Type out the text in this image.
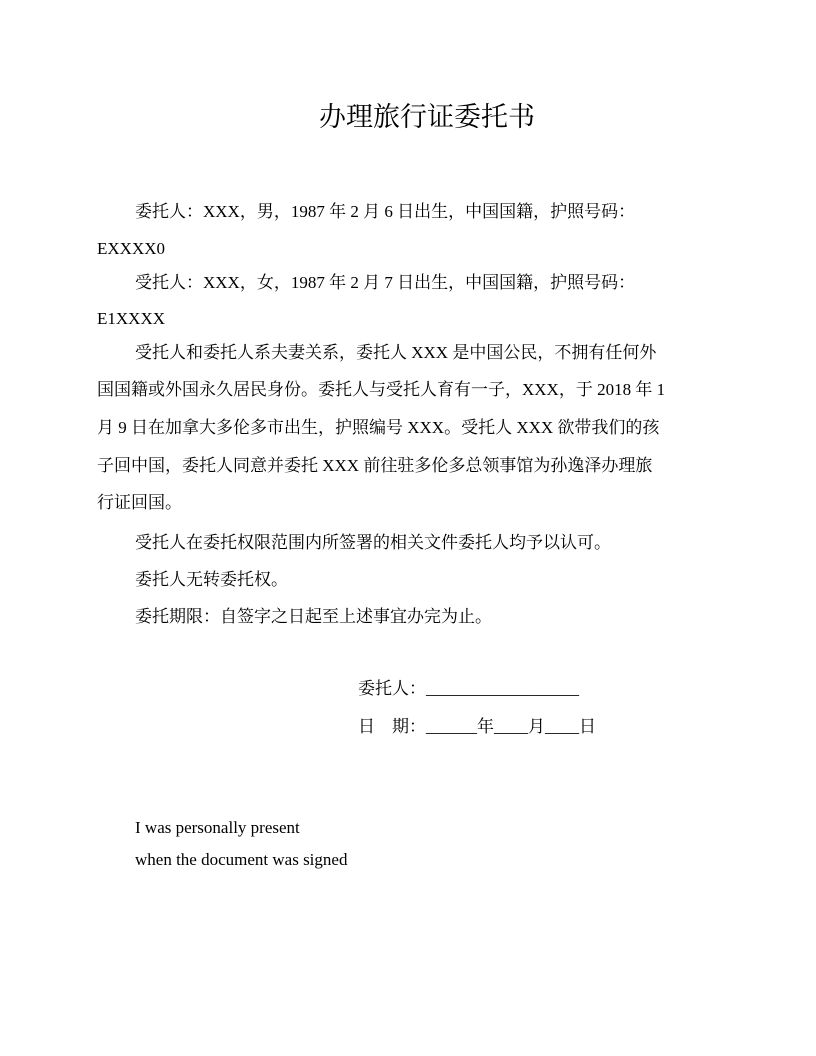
办理旅行证委托书
委托人：XXX，男，1987 年 2 月 6 日出生，中国国籍，护照号码：
EXXXX0
受托人：XXX，女，1987 年 2 月 7 日出生，中国国籍，护照号码：
E1XXXX
受托人和委托人系夫妻关系，委托人 XXX 是中国公民，不拥有任何外
国国籍或外国永久居民身份。委托人与受托人育有一子，XXX，于 2018 年 1
月 9 日在加拿大多伦多市出生，护照编号 XXX。受托人 XXX 欲带我们的孩
子回中国，委托人同意并委托 XXX 前往驻多伦多总领事馆为孙逸泽办理旅
行证回国。
受托人在委托权限范围内所签署的相关文件委托人均予以认可。
委托人无转委托权。
委托期限：自签字之日起至上述事宜办完为止。
委托人：__________________
日　期：______年____月____日
I was personally present
when the document was signed
